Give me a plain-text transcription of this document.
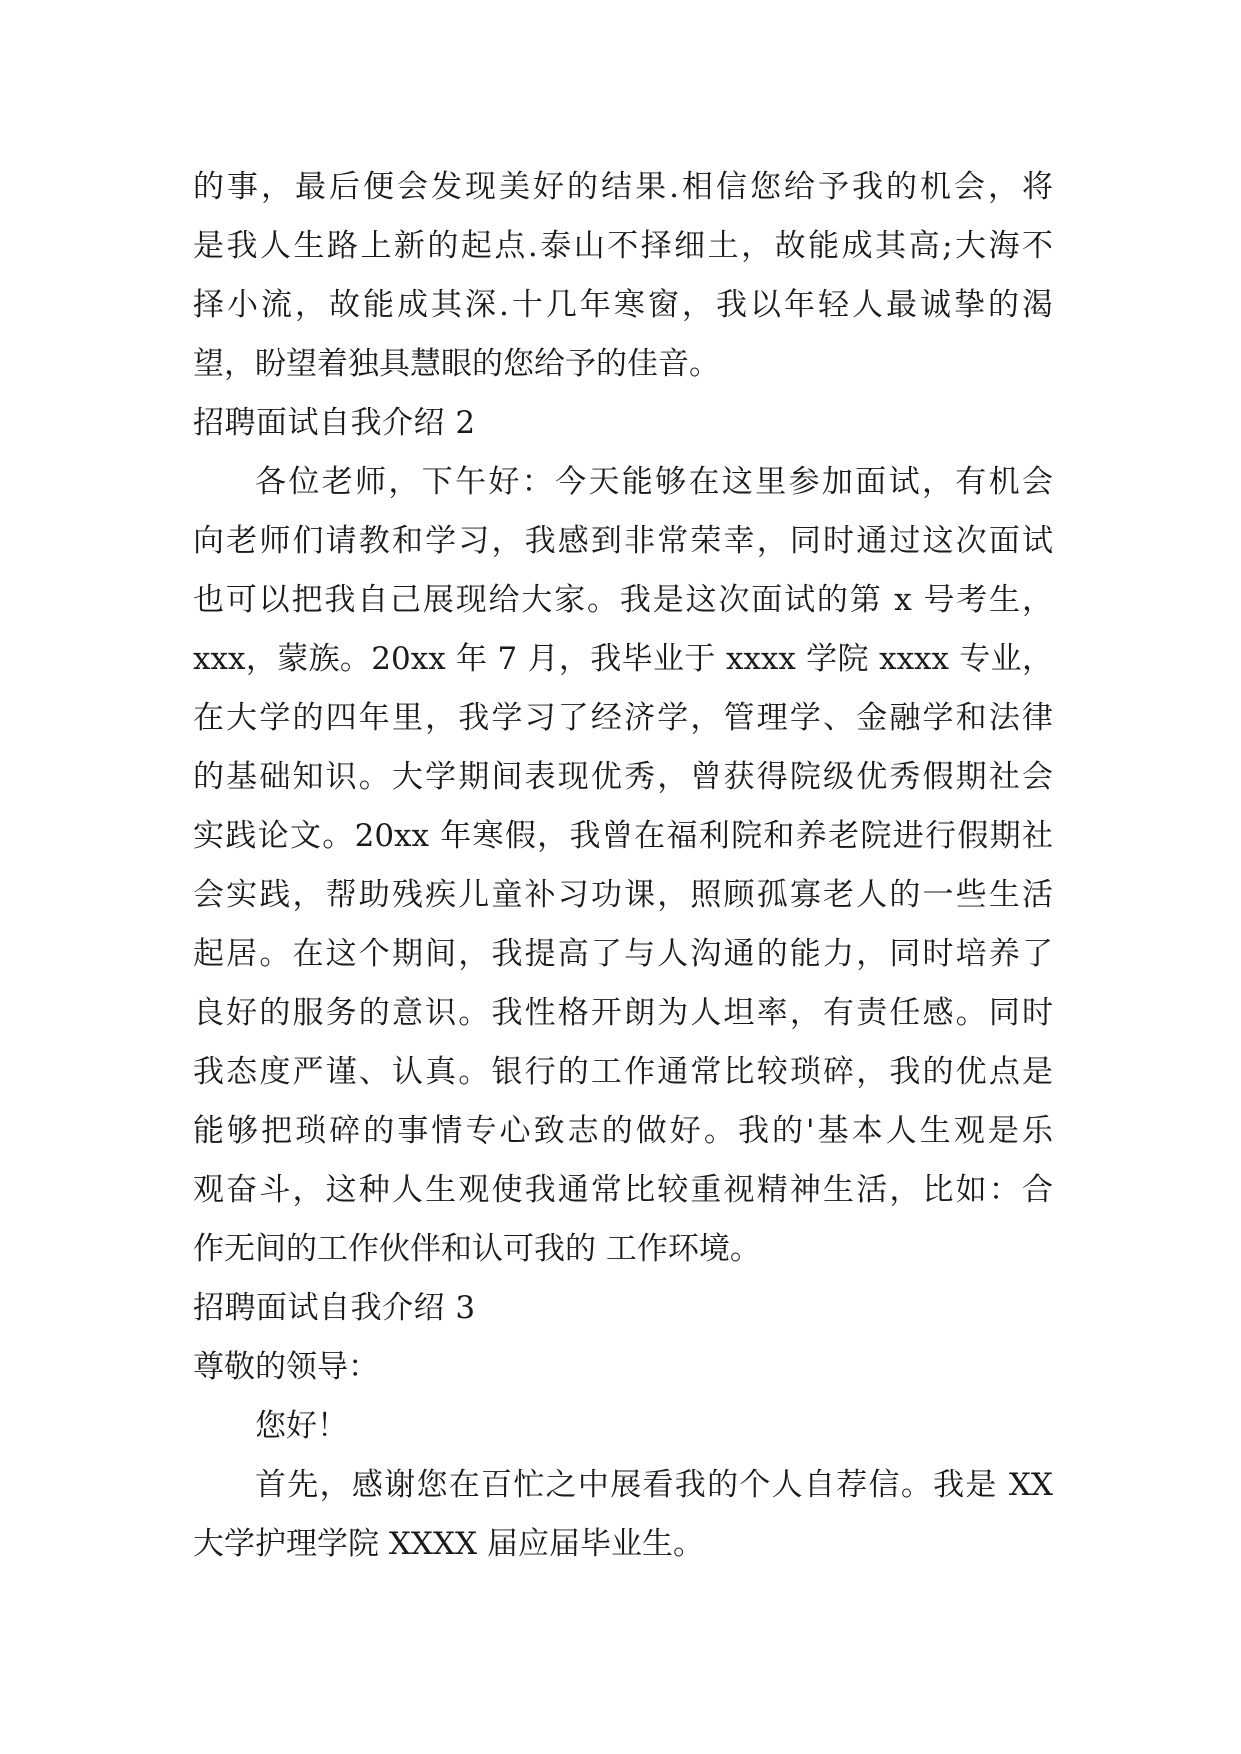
的事，最后便会发现美好的结果.相信您给予我的机会，将
是我人生路上新的起点.泰山不择细土，故能成其高;大海不
择小流，故能成其深.十几年寒窗，我以年轻人最诚挚的渴
望，盼望着独具慧眼的您给予的佳音。
招聘面试自我介绍 2
各位老师，下午好：今天能够在这里参加面试，有机会
向老师们请教和学习，我感到非常荣幸，同时通过这次面试
也可以把我自己展现给大家。我是这次面试的第 x 号考生，
xxx，蒙族。20xx 年 7 月，我毕业于 xxxx 学院 xxxx 专业，
在大学的四年里，我学习了经济学，管理学、金融学和法律
的基础知识。大学期间表现优秀，曾获得院级优秀假期社会
实践论文。20xx 年寒假，我曾在福利院和养老院进行假期社
会实践，帮助残疾儿童补习功课，照顾孤寡老人的一些生活
起居。在这个期间，我提高了与人沟通的能力，同时培养了
良好的服务的意识。我性格开朗为人坦率，有责任感。同时
我态度严谨、认真。银行的工作通常比较琐碎，我的优点是
能够把琐碎的事情专心致志的做好。我的'基本人生观是乐
观奋斗，这种人生观使我通常比较重视精神生活，比如：合
作无间的工作伙伴和认可我的 工作环境。
招聘面试自我介绍 3
尊敬的领导：
您好！
首先，感谢您在百忙之中展看我的个人自荐信。我是 XX
大学护理学院 XXXX 届应届毕业生。
